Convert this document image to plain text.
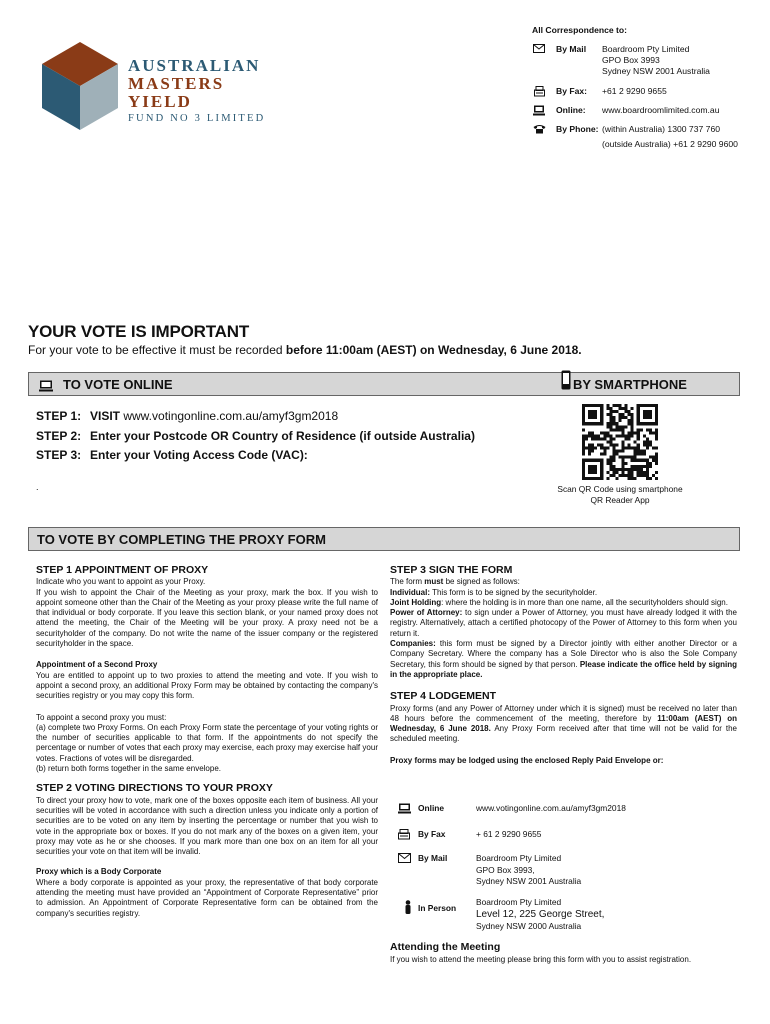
AUSTRALIAN
MASTERS
YIELD
FUND NO 3 LIMITED
All Correspondence to:
By Mail Boardroom Pty Limited
GPO Box 3993
Sydney NSW 2001 Australia
By Fax: +61 2 9290 9655
Online: www.boardroomlimited.com.au
By Phone: (within Australia) 1300 737 760
(outside Australia) +61 2 9290 9600
YOUR VOTE IS IMPORTANT
For your vote to be effective it must be recorded before 11:00am (AEST) on Wednesday, 6 June 2018.
TO VOTE ONLINE	BY SMARTPHONE
STEP 1: VISIT www.votingonline.com.au/amyf3gm2018
STEP 2: Enter your Postcode OR Country of Residence (if outside Australia)
STEP 3: Enter your Voting Access Code (VAC):
.	Scan QR Code using smartphone
QR Reader App
TO VOTE BY COMPLETING THE PROXY FORM
STEP 1 APPOINTMENT OF PROXY

Indicate who you want to appoint as your Proxy.

If you wish to appoint the Chair of the Meeting as your proxy, mark the box. If you wish to appoint someone other than the Chair of the Meeting as your proxy please write the full name of that individual or body corporate. If you leave this section blank, or your named proxy does not attend the meeting, the Chair of the Meeting will be your proxy. A proxy need not be a securityholder of the company. Do not write the name of the issuer company or the registered securityholder in the space.

Appointment of a Second Proxy

You are entitled to appoint up to two proxies to attend the meeting and vote. If you wish to appoint a second proxy, an additional Proxy Form may be obtained by contacting the company's securities registry or you may copy this form.

To appoint a second proxy you must:

(a) complete two Proxy Forms. On each Proxy Form state the percentage of your voting rights or the number of securities applicable to that form. If the appointments do not specify the percentage or number of votes that each proxy may exercise, each proxy may exercise half your votes. Fractions of votes will be disregarded.

(b) return both forms together in the same envelope.

STEP 2 VOTING DIRECTIONS TO YOUR PROXY

To direct your proxy how to vote, mark one of the boxes opposite each item of business. All your securities will be voted in accordance with such a direction unless you indicate only a portion of securities are to be voted on any item by inserting the percentage or number that you wish to vote in the appropriate box or boxes. If you do not mark any of the boxes on a given item, your proxy may vote as he or she chooses. If you mark more than one box on an item for all your securities your vote on that item will be invalid.

Proxy which is a Body Corporate

Where a body corporate is appointed as your proxy, the representative of that body corporate attending the meeting must have provided an “Appointment of Corporate Representative” prior to admission. An Appointment of Corporate Representative form can be obtained from the company's securities registry.

STEP 3 SIGN THE FORM

The form must be signed as follows:

Individual: This form is to be signed by the securityholder.

Joint Holding: where the holding is in more than one name, all the securityholders should sign.

Power of Attorney: to sign under a Power of Attorney, you must have already lodged it with the registry. Alternatively, attach a certified photocopy of the Power of Attorney to this form when you return it.

Companies: this form must be signed by a Director jointly with either another Director or a Company Secretary. Where the company has a Sole Director who is also the Sole Company Secretary, this form should be signed by that person. Please indicate the office held by signing in the appropriate place.

STEP 4 LODGEMENT

Proxy forms (and any Power of Attorney under which it is signed) must be received no later than 48 hours before the commencement of the meeting, therefore by 11:00am (AEST) on Wednesday, 6 June 2018. Any Proxy Form received after that time will not be valid for the scheduled meeting.

Proxy forms may be lodged using the enclosed Reply Paid Envelope or:

Online	www.votingonline.com.au/amyf3gm2018
By Fax	+ 61 2 9290 9655
By Mail	Boardroom Pty Limited
GPO Box 3993,
Sydney NSW 2001 Australia
In Person
Boardroom Pty Limited
Level 12, 225 George Street,
Sydney NSW 2000 Australia
Attending the Meeting
If you wish to attend the meeting please bring this form with you to assist registration.
